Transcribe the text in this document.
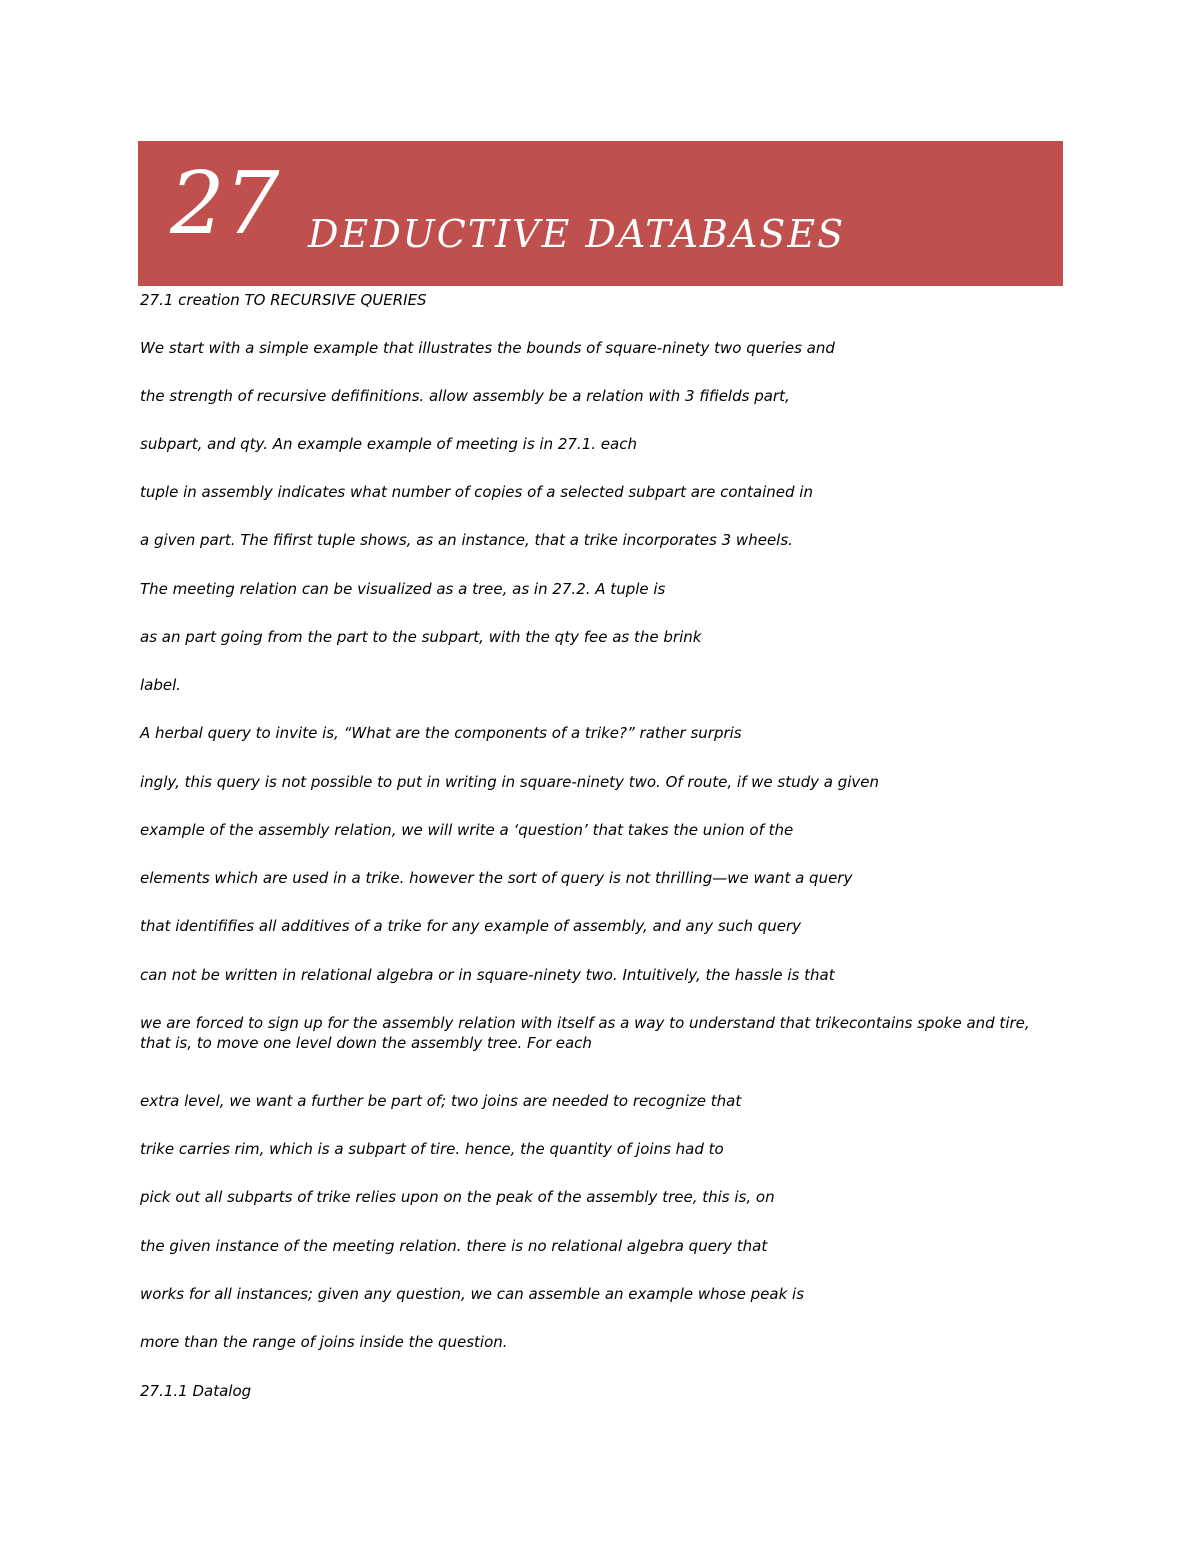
27 DEDUCTIVE DATABASES
27.1 creation TO RECURSIVE QUERIES
We start with a simple example that illustrates the bounds of square-ninety two queries and
the strength of recursive defifinitions. allow assembly be a relation with 3 fifields part,
subpart, and qty. An example example of meeting is in 27.1. each
tuple in assembly indicates what number of copies of a selected subpart are contained in
a given part. The fifirst tuple shows, as an instance, that a trike incorporates 3 wheels.
The meeting relation can be visualized as a tree, as in 27.2. A tuple is
as an part going from the part to the subpart, with the qty fee as the brink
label.
A herbal query to invite is, “What are the components of a trike?” rather surpris
ingly, this query is not possible to put in writing in square-ninety two. Of route, if we study a given
example of the assembly relation, we will write a ‘question’ that takes the union of the
elements which are used in a trike. however the sort of query is not thrilling—we want a query
that identififies all additives of a trike for any example of assembly, and any such query
can not be written in relational algebra or in square-ninety two. Intuitively, the hassle is that
we are forced to sign up for the assembly relation with itself as a way to understand that trikecontains spoke and tire, that is, to move one level down the assembly tree. For each
extra level, we want a further be part of; two joins are needed to recognize that
trike carries rim, which is a subpart of tire. hence, the quantity of joins had to
pick out all subparts of trike relies upon on the peak of the assembly tree, this is, on
the given instance of the meeting relation. there is no relational algebra query that
works for all instances; given any question, we can assemble an example whose peak is
more than the range of joins inside the question.
27.1.1 Datalog
